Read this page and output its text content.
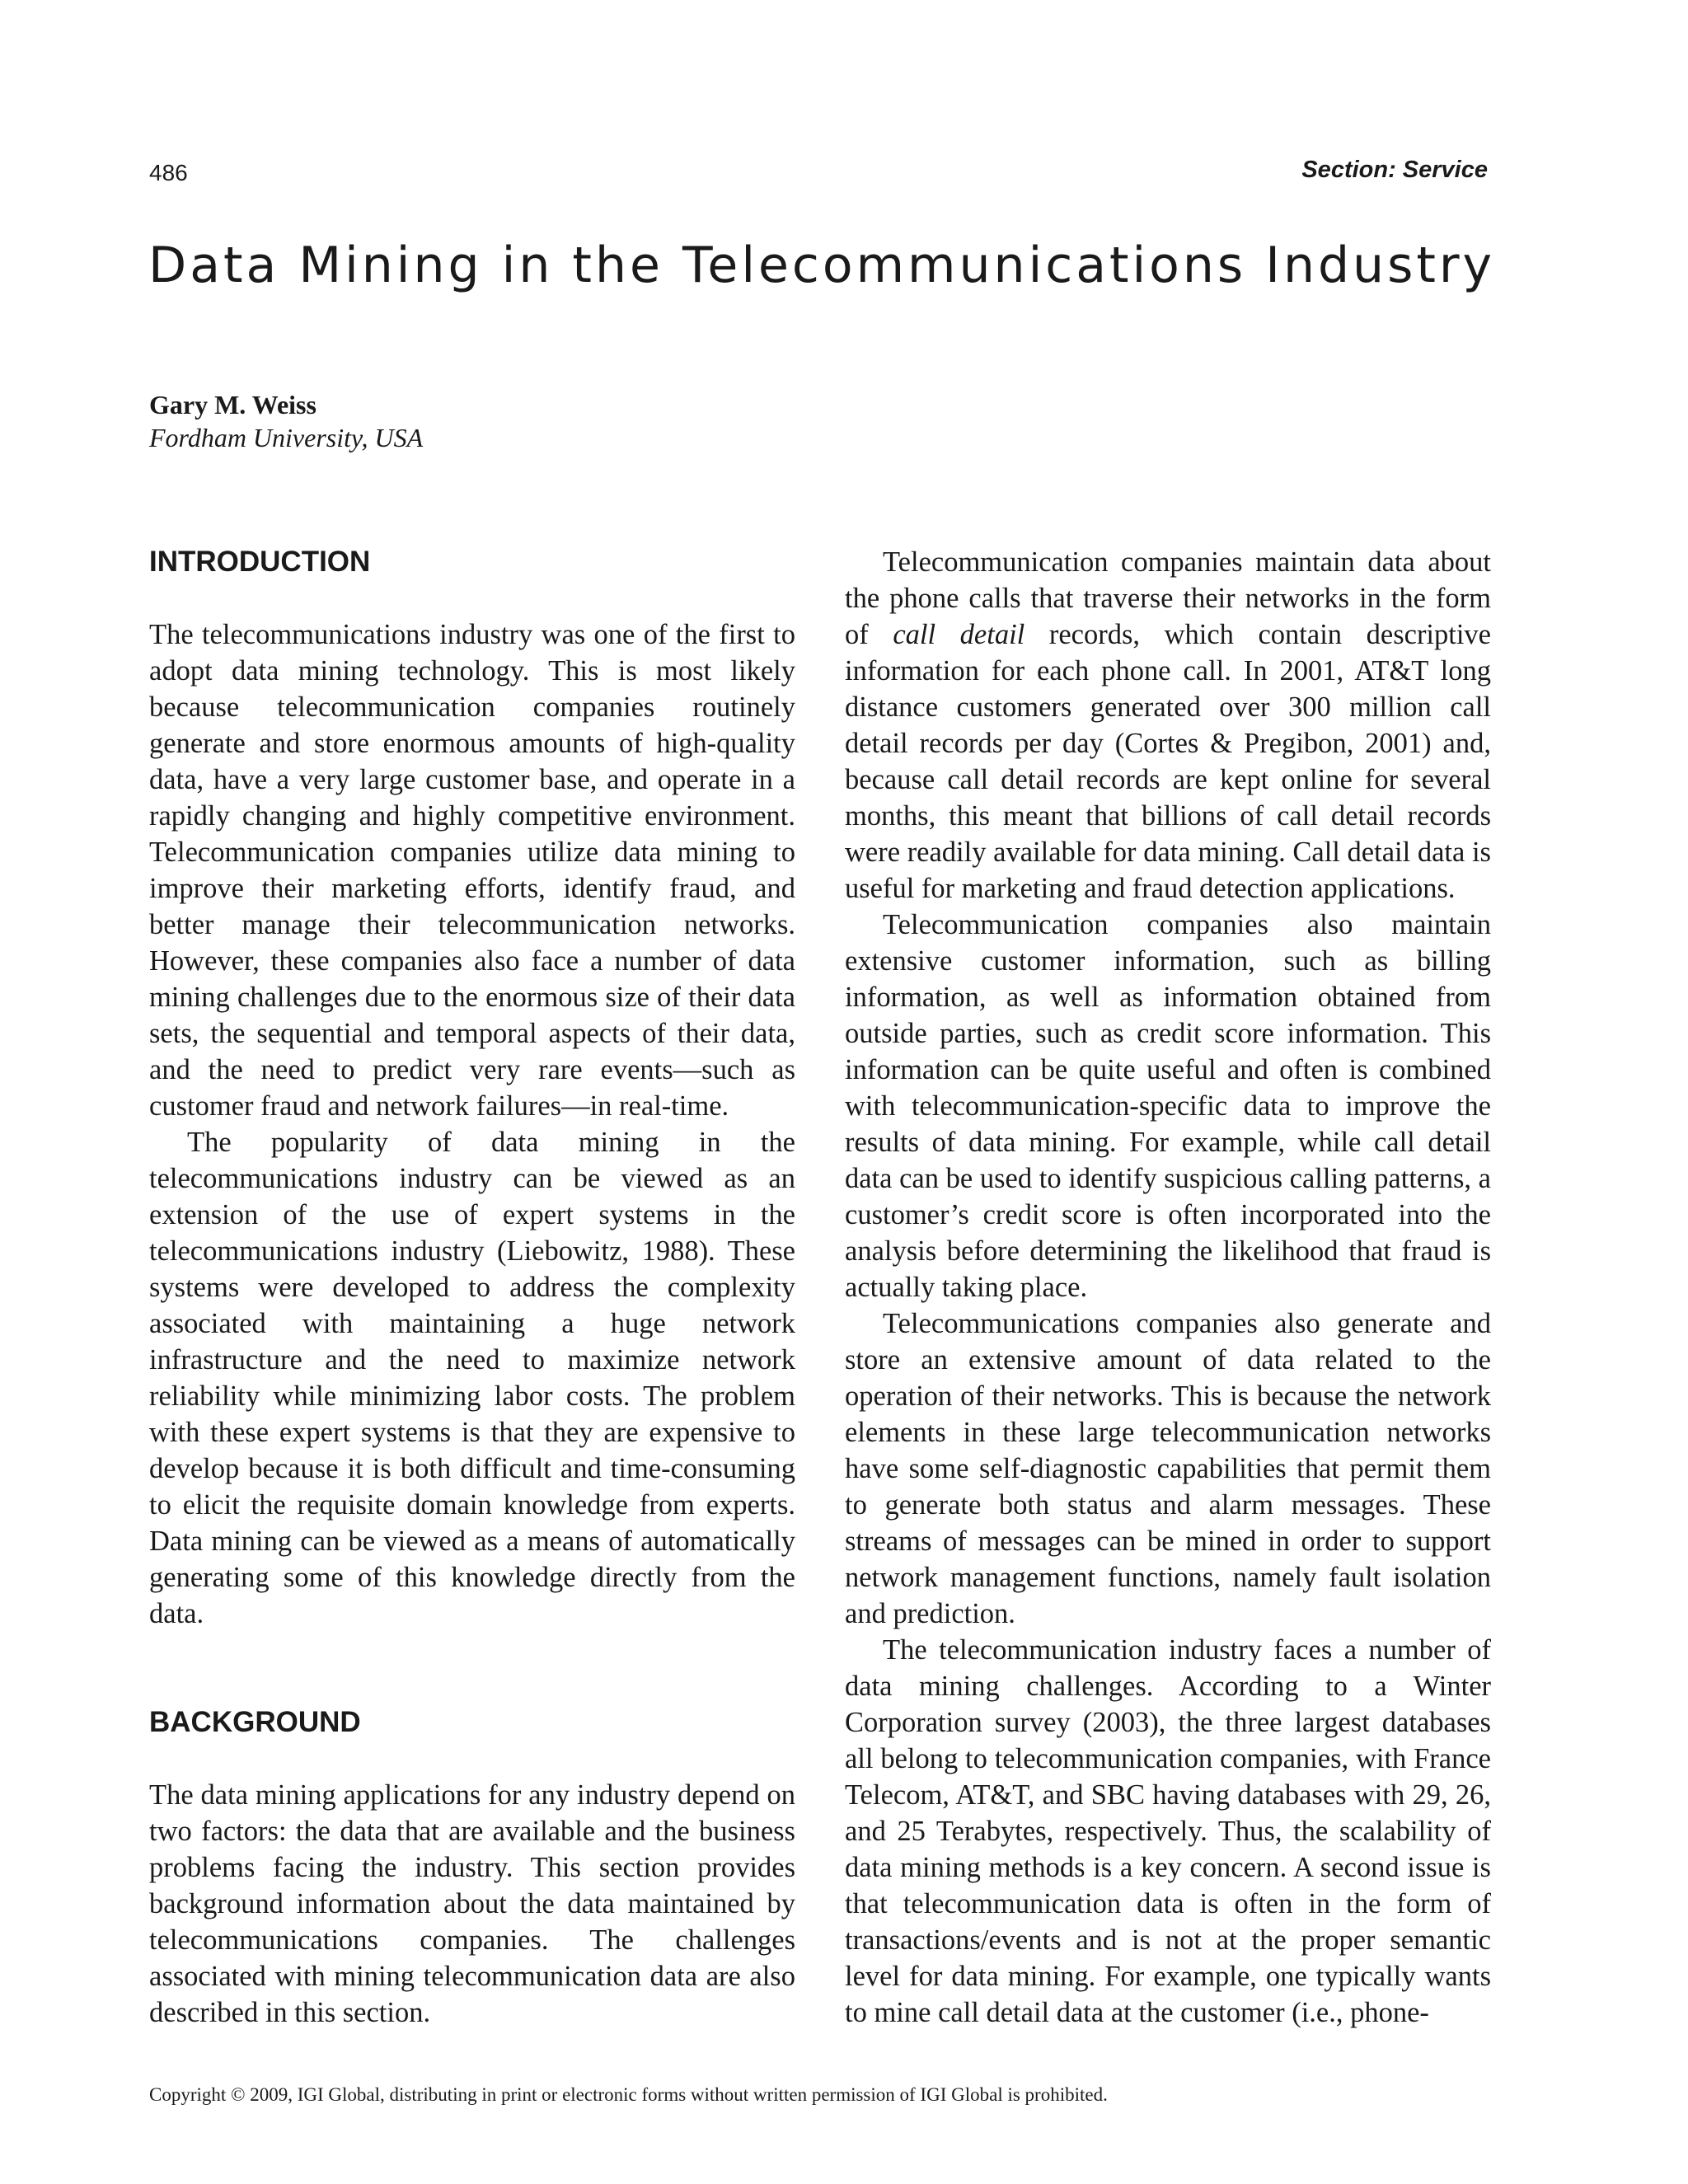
486	Section: Service
Data Mining in the Telecommunications Industry
Gary M. Weiss
Fordham University, USA
INTRODUCTION

The telecommunications industry was one of the first to adopt data mining technology. This is most likely because telecommunication companies routinely generate and store enormous amounts of high-quality data, have a very large customer base, and operate in a rapidly changing and highly competitive environment. Telecommunication companies utilize data mining to improve their marketing efforts, identify fraud, and better manage their telecommunication networks. However, these companies also face a number of data mining challenges due to the enormous size of their data sets, the sequential and temporal aspects of their data, and the need to predict very rare events—such as customer fraud and network failures—in real-time.

The popularity of data mining in the telecommunications industry can be viewed as an extension of the use of expert systems in the telecommunications industry (Liebowitz, 1988). These systems were developed to address the complexity associated with maintaining a huge network infrastructure and the need to maximize network reliability while minimizing labor costs. The problem with these expert systems is that they are expensive to develop because it is both difficult and time-consuming to elicit the requisite domain knowledge from experts. Data mining can be viewed as a means of automatically generating some of this knowledge directly from the data.

BACKGROUND

The data mining applications for any industry depend on two factors: the data that are available and the business problems facing the industry. This section provides background information about the data maintained by telecommunications companies. The challenges associated with mining telecommunication data are also described in this section.

Telecommunication companies maintain data about the phone calls that traverse their networks in the form of call detail records, which contain descriptive information for each phone call. In 2001, AT&T long distance customers generated over 300 million call detail records per day (Cortes & Pregibon, 2001) and, because call detail records are kept online for several months, this meant that billions of call detail records were readily available for data mining. Call detail data is useful for marketing and fraud detection applications.

Telecommunication companies also maintain extensive customer information, such as billing information, as well as information obtained from outside parties, such as credit score information. This information can be quite useful and often is combined with telecommunication-specific data to improve the results of data mining. For example, while call detail data can be used to identify suspicious calling patterns, a customer’s credit score is often incorporated into the analysis before determining the likelihood that fraud is actually taking place.

Telecommunications companies also generate and store an extensive amount of data related to the operation of their networks. This is because the network elements in these large telecommunication networks have some self-diagnostic capabilities that permit them to generate both status and alarm messages. These streams of messages can be mined in order to support network management functions, namely fault isolation and prediction.

The telecommunication industry faces a number of data mining challenges. According to a Winter Corporation survey (2003), the three largest databases all belong to telecommunication companies, with France Telecom, AT&T, and SBC having databases with 29, 26, and 25 Terabytes, respectively. Thus, the scalability of data mining methods is a key concern. A second issue is that telecommunication data is often in the form of transactions/events and is not at the proper semantic level for data mining. For example, one typically wants to mine call detail data at the customer (i.e., phone-

Copyright © 2009, IGI Global, distributing in print or electronic forms without written permission of IGI Global is prohibited.
